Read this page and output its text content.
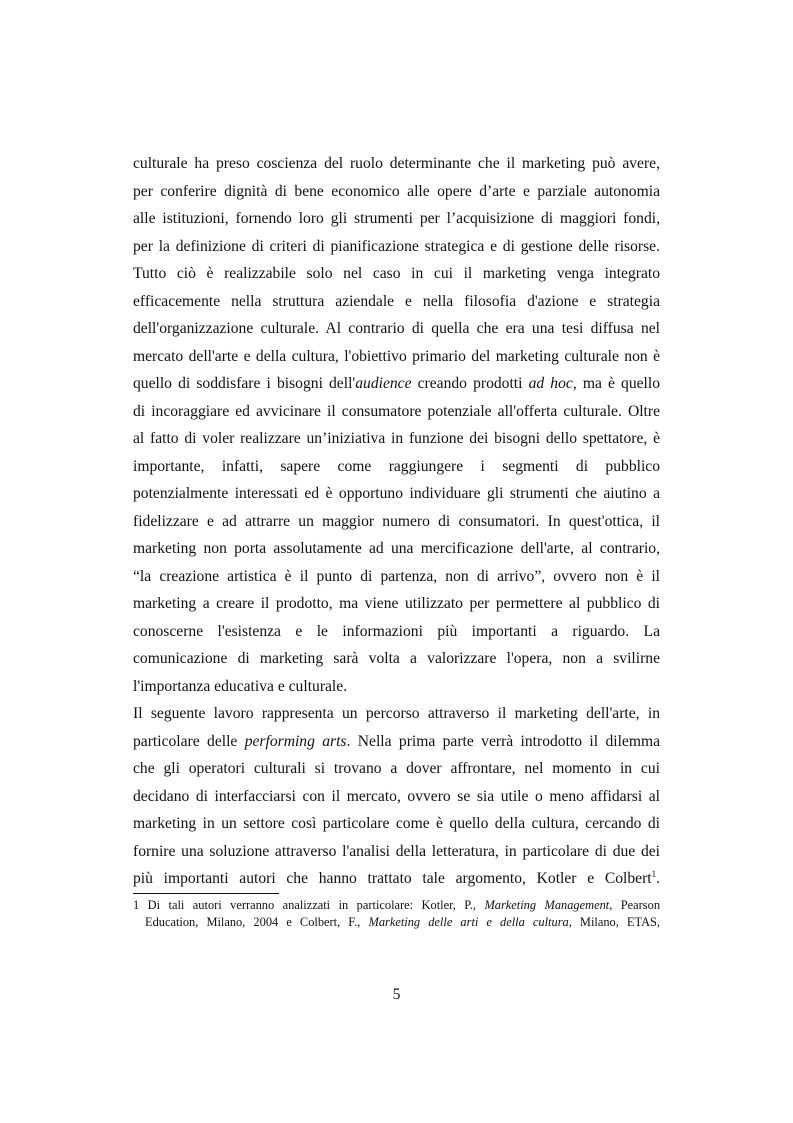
culturale ha preso coscienza del ruolo determinante che il marketing può avere,
per conferire dignità di bene economico alle opere d’arte e parziale autonomia
alle istituzioni, fornendo loro gli strumenti per l’acquisizione di maggiori fondi,
per la definizione di criteri di pianificazione strategica e di gestione delle risorse.
Tutto ciò è realizzabile solo nel caso in cui il marketing venga integrato
efficacemente nella struttura aziendale e nella filosofia d'azione e strategia
dell'organizzazione culturale. Al contrario di quella che era una tesi diffusa nel
mercato dell'arte e della cultura, l'obiettivo primario del marketing culturale non è
quello di soddisfare i bisogni dell'audience creando prodotti ad hoc, ma è quello
di incoraggiare ed avvicinare il consumatore potenziale all'offerta culturale. Oltre
al fatto di voler realizzare un’iniziativa in funzione dei bisogni dello spettatore, è
importante, infatti, sapere come raggiungere i segmenti di pubblico
potenzialmente interessati ed è opportuno individuare gli strumenti che aiutino a
fidelizzare e ad attrarre un maggior numero di consumatori. In quest'ottica, il
marketing non porta assolutamente ad una mercificazione dell'arte, al contrario,
“la creazione artistica è il punto di partenza, non di arrivo”, ovvero non è il
marketing a creare il prodotto, ma viene utilizzato per permettere al pubblico di
conoscerne l'esistenza e le informazioni più importanti a riguardo. La
comunicazione di marketing sarà volta a valorizzare l'opera, non a svilirne
l'importanza educativa e culturale.

Il seguente lavoro rappresenta un percorso attraverso il marketing dell'arte, in
particolare delle performing arts. Nella prima parte verrà introdotto il dilemma
che gli operatori culturali si trovano a dover affrontare, nel momento in cui
decidano di interfacciarsi con il mercato, ovvero se sia utile o meno affidarsi al
marketing in un settore così particolare come è quello della cultura, cercando di
fornire una soluzione attraverso l'analisi della letteratura, in particolare di due dei
più importanti autori che hanno trattato tale argomento, Kotler e Colbert$^1$.

1 Di tali autori verranno analizzati in particolare: Kotler, P., Marketing Management, Pearson
Education, Milano, 2004 e Colbert, F., Marketing delle arti e della cultura, Milano, ETAS,
5
